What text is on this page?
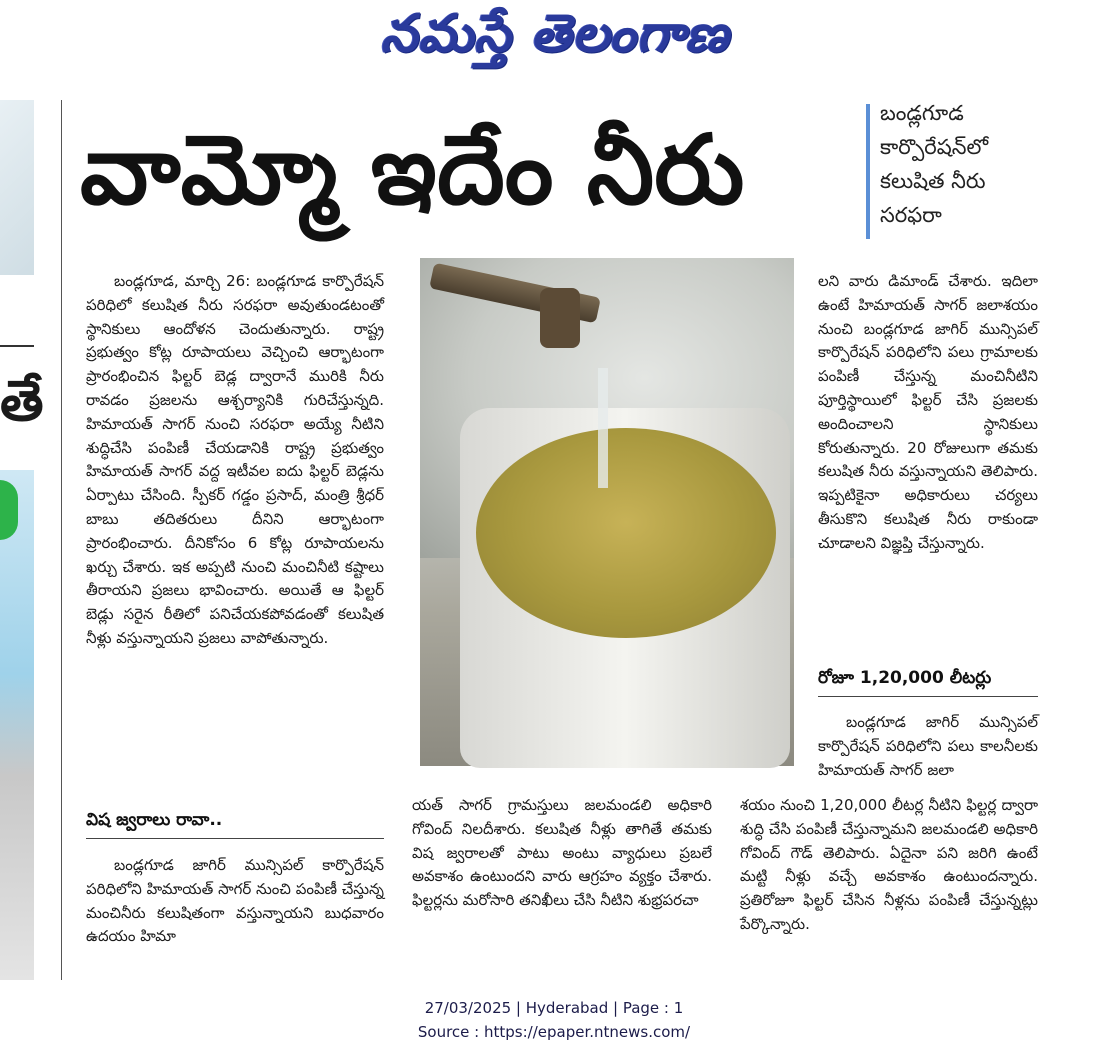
నమస్తే తెలంగాణ
తే
వామ్మో ఇదేం నీరు
బండ్లగూడ
కార్పొరేషన్‌లో
కలుషిత నీరు
సరఫరా

బండ్లగూడ, మార్చి 26: బండ్లగూడ కార్పొరేషన్ పరిధిలో కలుషిత నీరు సరఫరా అవుతుండటంతో స్థానికులు ఆందోళన చెందుతున్నారు. రాష్ట్ర ప్రభుత్వం కోట్ల రూపాయలు వెచ్చించి ఆర్భాటంగా ప్రారంభించిన ఫిల్టర్ బెడ్ల ద్వారానే మురికి నీరు రావడం ప్రజలను ఆశ్చర్యానికి గురిచేస్తున్నది. హిమాయత్ సాగర్ నుంచి సరఫరా అయ్యే నీటిని శుద్ధిచేసి పంపిణీ చేయడానికి రాష్ట్ర ప్రభుత్వం హిమాయత్ సాగర్ వద్ద ఇటీవల ఐదు ఫిల్టర్ బెడ్లను ఏర్పాటు చేసింది. స్పీకర్ గడ్డం ప్రసాద్, మంత్రి శ్రీధర్ బాబు తదితరులు దీనిని ఆర్భాటంగా ప్రారంభించారు. దీనికోసం 6 కోట్ల రూపాయలను ఖర్చు చేశారు. ఇక అప్పటి నుంచి మంచినీటి కష్టాలు తీరాయని ప్రజలు భావించారు. అయితే ఆ ఫిల్టర్ బెడ్లు సరైన రీతిలో పనిచేయకపోవడంతో కలుషిత నీళ్లు వస్తున్నాయని ప్రజలు వాపోతున్నారు.

విష జ్వరాలు రావా..

బండ్లగూడ జాగిర్ మున్సిపల్ కార్పొరేషన్ పరిధిలోని హిమాయత్ సాగర్ నుంచి పంపిణీ చేస్తున్న మంచినీరు కలుషితంగా వస్తున్నాయని బుధవారం ఉదయం హిమా

యత్ సాగర్ గ్రామస్తులు జలమండలి అధికారి గోవింద్ నిలదీశారు. కలుషిత నీళ్లు తాగితే తమకు విష జ్వరాలతో పాటు అంటు వ్యాధులు ప్రబలే అవకాశం ఉంటుందని వారు ఆగ్రహం వ్యక్తం చేశారు. ఫిల్టర్లను మరోసారి తనిఖీలు చేసి నీటిని శుభ్రపరచా

లని వారు డిమాండ్ చేశారు. ఇదిలా ఉంటే హిమాయత్ సాగర్ జలాశయం నుంచి బండ్లగూడ జాగిర్ మున్సిపల్ కార్పొరేషన్ పరిధిలోని పలు గ్రామాలకు పంపిణీ చేస్తున్న మంచినీటిని పూర్తిస్థాయిలో ఫిల్టర్ చేసి ప్రజలకు అందించాలని స్థానికులు కోరుతున్నారు. 20 రోజులుగా తమకు కలుషిత నీరు వస్తున్నాయని తెలిపారు. ఇప్పటికైనా అధికారులు చర్యలు తీసుకొని కలుషిత నీరు రాకుండా చూడాలని విజ్ఞప్తి చేస్తున్నారు.

రోజూ 1,20,000 లీటర్లు

బండ్లగూడ జాగిర్ మున్సిపల్ కార్పొరేషన్ పరిధిలోని పలు కాలనీలకు హిమాయత్ సాగర్ జలా

శయం నుంచి 1,20,000 లీటర్ల నీటిని ఫిల్టర్ల ద్వారా శుద్ధి చేసి పంపిణీ చేస్తున్నామని జలమండలి అధికారి గోవింద్ గౌడ్ తెలిపారు. ఏదైనా పని జరిగి ఉంటే మట్టి నీళ్లు వచ్చే అవకాశం ఉంటుందన్నారు. ప్రతిరోజూ ఫిల్టర్ చేసిన నీళ్లను పంపిణీ చేస్తున్నట్లు పేర్కొన్నారు.

27/03/2025 | Hyderabad | Page : 1
Source : https://epaper.ntnews.com/
